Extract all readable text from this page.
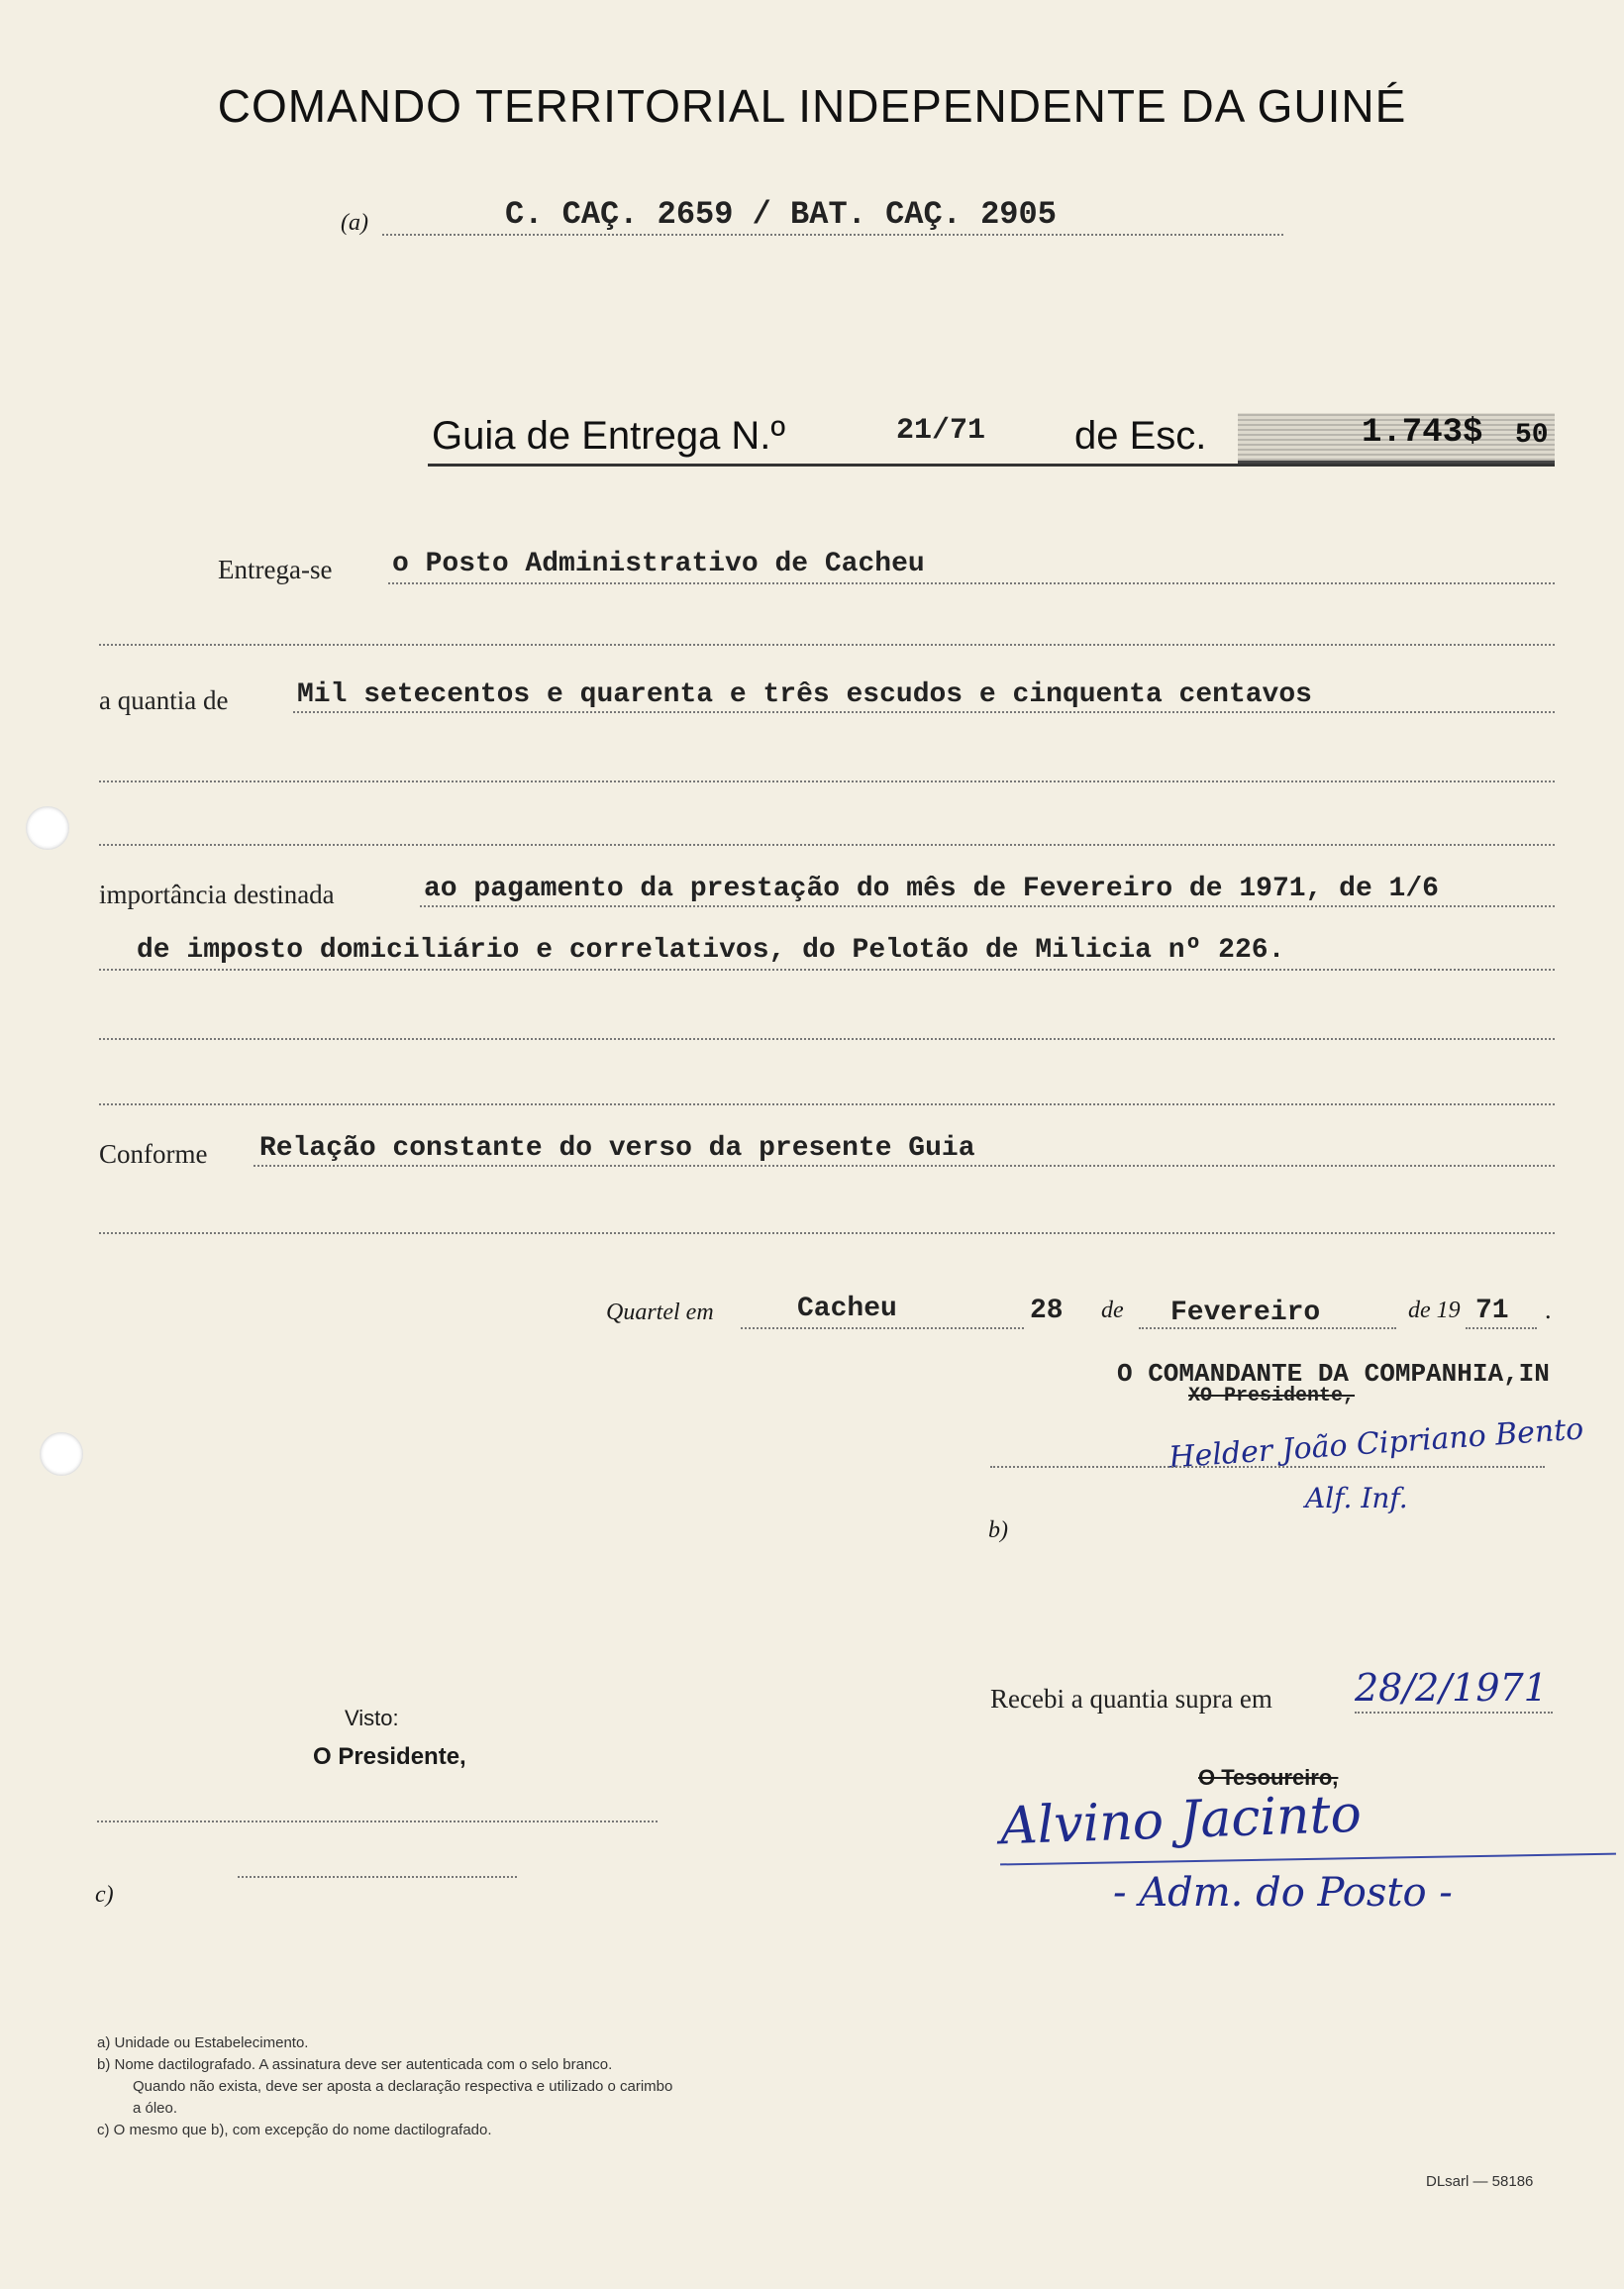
COMANDO TERRITORIAL INDEPENDENTE DA GUINÉ
(a)	C. CAÇ. 2659 / BAT. CAÇ. 2905
Guia de Entrega N.º	21/71 de Esc.	1.743$ 50
Entrega-se o Posto Administrativo de Cacheu
a quantia de Mil setecentos e quarenta e três escudos e cinquenta centavos
importância destinada	ao pagamento da prestação do mês de Fevereiro de 1971, de 1/6
de imposto domiciliário e correlativos, do Pelotão de Milicia nº 226.
Conforme Relação constante do verso da presente Guia
Quartel em	Cacheu	28 de Fevereiro	de 19 71 .
O COMANDANTE DA COMPANHIA,IN
XO Presidente,
Helder João Cipriano Bento
Alf. Inf.
b)
Visto:
O Presidente,
c)
Recebi a quantia supra em 28/2/1971
O Tesoureiro,
Alvino Jacinto
- Adm. do Posto -
a) Unidade ou Estabelecimento.
b) Nome dactilografado. A assinatura deve ser autenticada com o selo branco.
Quando não exista, deve ser aposta a declaração respectiva e utilizado o carimbo
a óleo.
c) O mesmo que b), com excepção do nome dactilografado.
DLsarl — 58186
